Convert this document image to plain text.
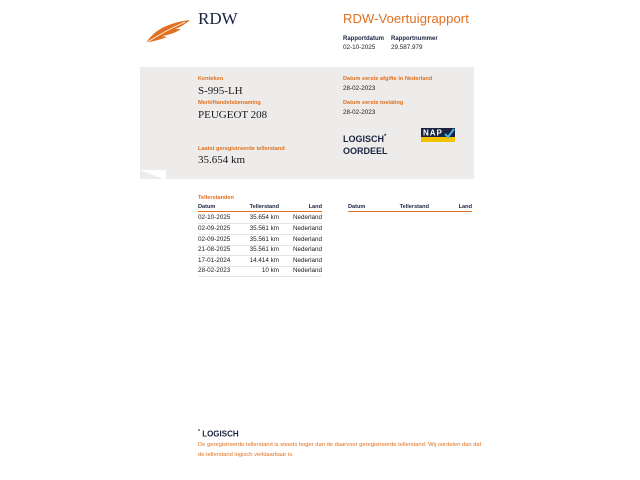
RDW	RDW-Voertuigrapport
Rapportdatum
02-10-2025
Rapportnummer
29.587.979
Kenteken
S-995-LH
Merk/Handelsbenaming
PEUGEOT 208
Laatst geregistreerde tellerstand
35.654 km
Datum eerste afgifte in Nederland
28-02-2023
Datum eerste toelating
28-02-2023
LOGISCH*
OORDEEL
NAP
Tellerstanden
Datum	Tellerstand	Land	Datum	Tellerstand	Land
02-10-2025	35.654 km	Nederland
02-09-2025	35.561 km	Nederland
02-09-2025	35.561 km	Nederland
21-08-2025	35.561 km	Nederland
17-01-2024	14.414 km	Nederland
28-02-2023	10 km	Nederland
* LOGISCH
De geregistreerde tellerstand is steeds hoger dan de daarvoor geregistreerde tellerstand. Wij oordelen dan dat de tellerstand logisch verklaarbaar is.
